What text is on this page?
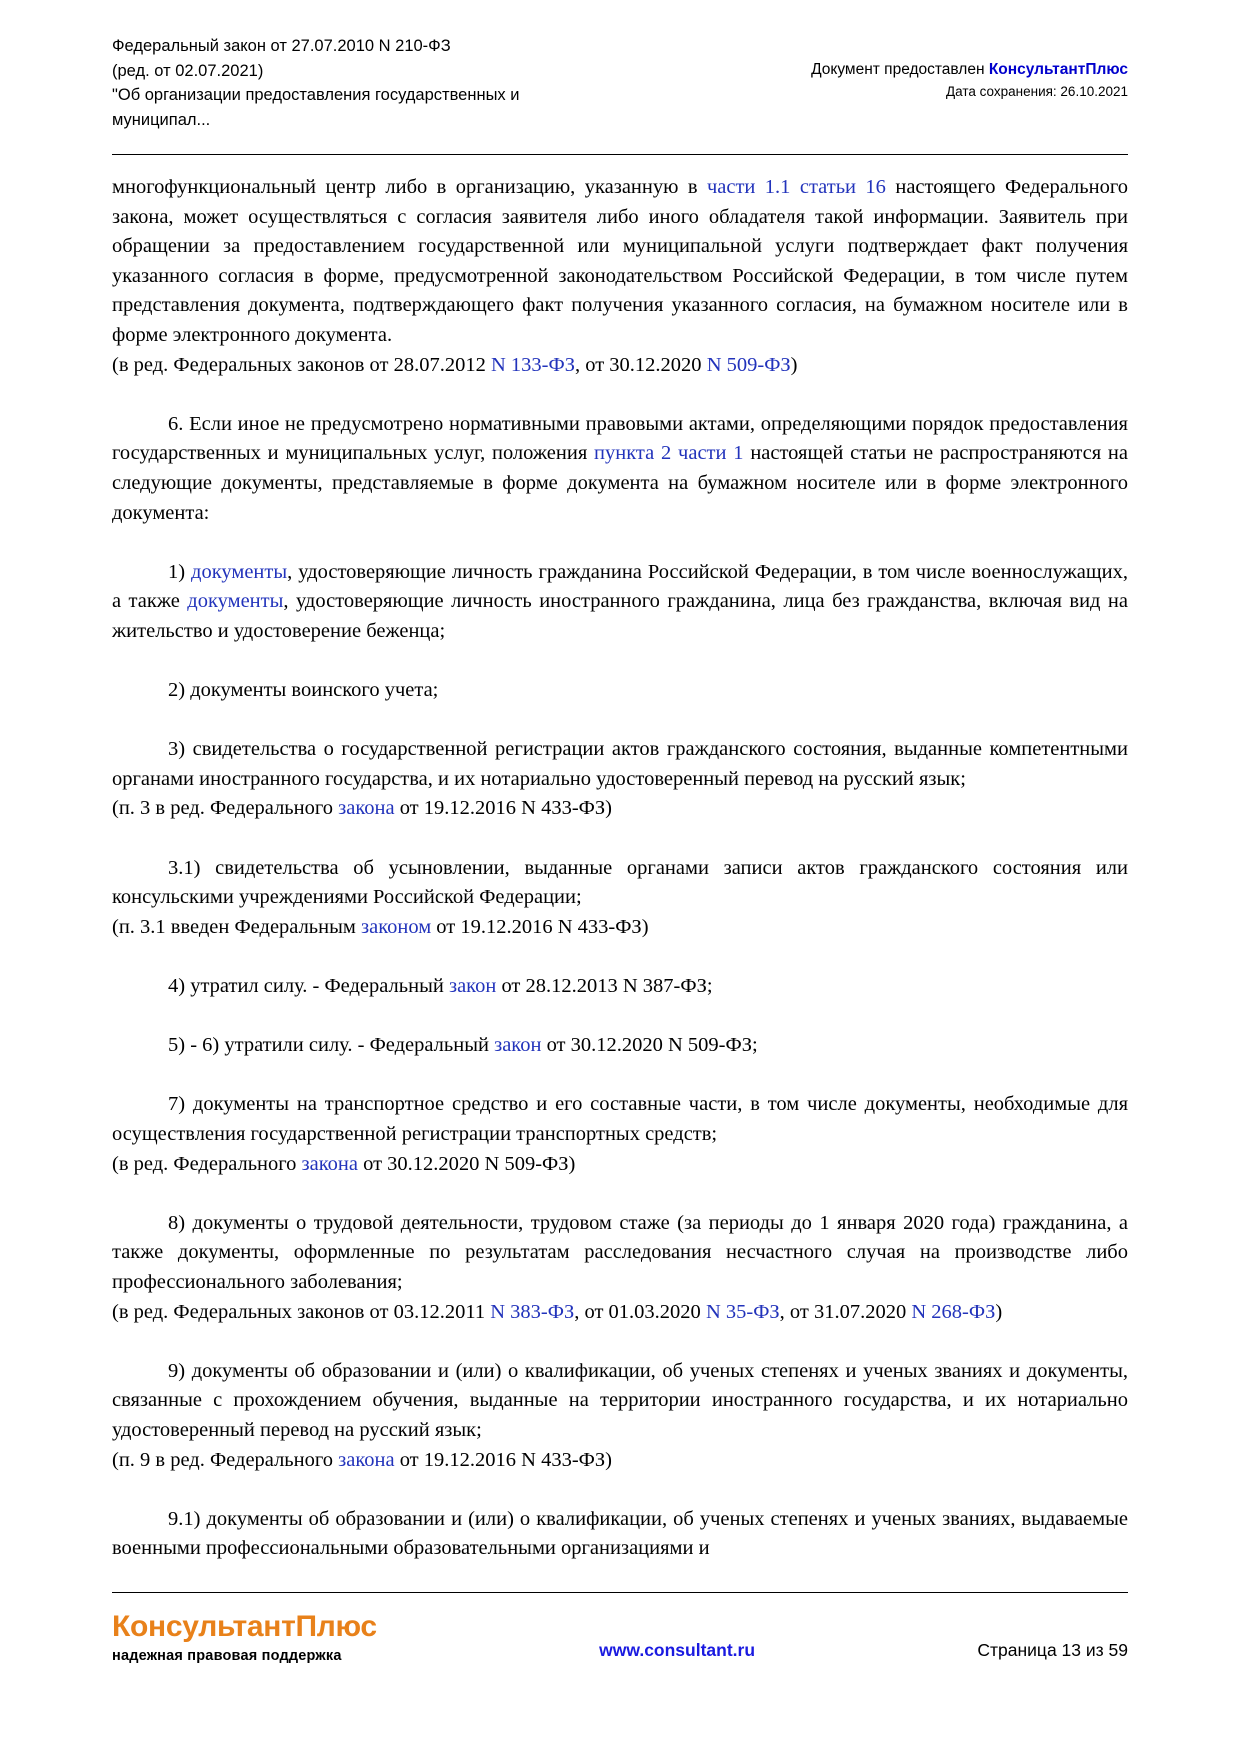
Федеральный закон от 27.07.2010 N 210-ФЗ
(ред. от 02.07.2021)
"Об организации предоставления государственных и
муниципал...
Документ предоставлен КонсультантПлюс
Дата сохранения: 26.10.2021

многофункциональный центр либо в организацию, указанную в части 1.1 статьи 16 настоящего Федерального закона, может осуществляться с согласия заявителя либо иного обладателя такой информации. Заявитель при обращении за предоставлением государственной или муниципальной услуги подтверждает факт получения указанного согласия в форме, предусмотренной законодательством Российской Федерации, в том числе путем представления документа, подтверждающего факт получения указанного согласия, на бумажном носителе или в форме электронного документа.

(в ред. Федеральных законов от 28.07.2012 N 133-ФЗ, от 30.12.2020 N 509-ФЗ)

6. Если иное не предусмотрено нормативными правовыми актами, определяющими порядок предоставления государственных и муниципальных услуг, положения пункта 2 части 1 настоящей статьи не распространяются на следующие документы, представляемые в форме документа на бумажном носителе или в форме электронного документа:

1) документы, удостоверяющие личность гражданина Российской Федерации, в том числе военнослужащих, а также документы, удостоверяющие личность иностранного гражданина, лица без гражданства, включая вид на жительство и удостоверение беженца;

2) документы воинского учета;

3) свидетельства о государственной регистрации актов гражданского состояния, выданные компетентными органами иностранного государства, и их нотариально удостоверенный перевод на русский язык;

(п. 3 в ред. Федерального закона от 19.12.2016 N 433-ФЗ)

3.1) свидетельства об усыновлении, выданные органами записи актов гражданского состояния или консульскими учреждениями Российской Федерации;

(п. 3.1 введен Федеральным законом от 19.12.2016 N 433-ФЗ)

4) утратил силу. - Федеральный закон от 28.12.2013 N 387-ФЗ;

5) - 6) утратили силу. - Федеральный закон от 30.12.2020 N 509-ФЗ;

7) документы на транспортное средство и его составные части, в том числе документы, необходимые для осуществления государственной регистрации транспортных средств;

(в ред. Федерального закона от 30.12.2020 N 509-ФЗ)

8) документы о трудовой деятельности, трудовом стаже (за периоды до 1 января 2020 года) гражданина, а также документы, оформленные по результатам расследования несчастного случая на производстве либо профессионального заболевания;

(в ред. Федеральных законов от 03.12.2011 N 383-ФЗ, от 01.03.2020 N 35-ФЗ, от 31.07.2020 N 268-ФЗ)

9) документы об образовании и (или) о квалификации, об ученых степенях и ученых званиях и документы, связанные с прохождением обучения, выданные на территории иностранного государства, и их нотариально удостоверенный перевод на русский язык;

(п. 9 в ред. Федерального закона от 19.12.2016 N 433-ФЗ)

9.1) документы об образовании и (или) о квалификации, об ученых степенях и ученых званиях, выдаваемые военными профессиональными образовательными организациями и

КонсультантПлюс
надежная правовая поддержка	www.consultant.ru	Страница 13 из 59
